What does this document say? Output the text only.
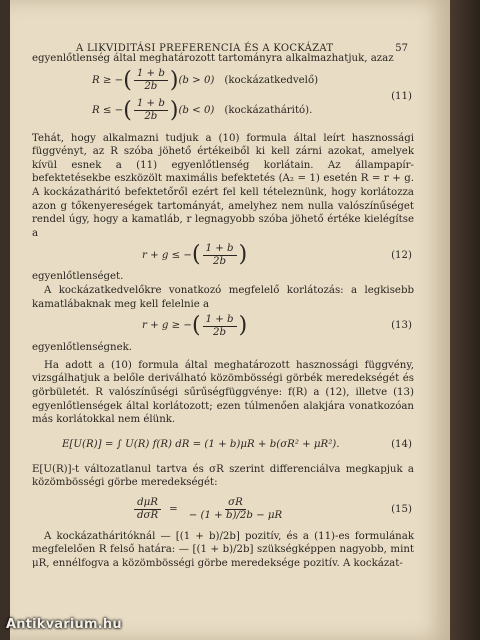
A LIKVIDITÁSI PREFERENCIA ÉS A KOCKÁZAT	57

egyenlőtlenség által meghatározott tartományra alkalmazhatjuk, azaz

R ≥ − ( $\frac{1 + b}{2b}$ ) (b > 0) (kockázatkedvelő)
R ≤ − ( $\frac{1 + b}{2b}$ ) (b < 0) (kockázatháritó).
(11)

Tehát, hogy alkalmazni tudjuk a (10) formula által leírt hasznossági függvényt, az R szóba jöhető értékeiből ki kell zárni azokat, amelyek kívül esnek a (11) egyenlőtlenség korlátain. Az állampapír-befektetésekbe eszközölt maximális befektetés (A₂ = 1) esetén R = r + g. A kockázatháritó befektetőről ezért fel kell tételeznünk, hogy korlátozza azon g tőkenyereségek tartományát, amelyhez nem nulla valószínűséget rendel úgy, hogy a kamatláb, r legnagyobb szóba jöhető értéke kielégítse a

r + g ≤ − ( $\frac{1 + b}{2b}$ )	(12)

egyenlőtlenséget.

A kockázatkedvelőkre vonatkozó megfelelő korlátozás: a legkisebb kamatlábaknak meg kell felelnie a

r + g ≥ − ( $\frac{1 + b}{2b}$ )	(13)

egyenlőtlenségnek.

Ha adott a (10) formula által meghatározott hasznossági függvény, vizsgálhatjuk a belőle deriválható közömbösségi görbék meredekségét és görbületét. R valószínűségi sűrűségfüggvénye: f(R) a (12), illetve (13) egyenlőtlenségek által korlátozott; ezen túlmenően alakjára vonatkozóan más korlátokkal nem élünk.

E[U(R)] = ∫ U(R) f(R) dR = (1 + b)μR + b(σR² + μR²).	(14)

E[U(R)]-t változatlanul tartva és σR szerint differenciálva megkapjuk a közömbösségi görbe meredekségét:

$\frac{\text{dμR}}{\text{dσR}} = \frac{\sigma R}{- (1 + b)/2b - \mu R}$	(15)

A kockázatháritóknál — [(1 + b)/2b] pozitív, és a (11)-es formulának megfelelően R felső határa: — [(1 + b)/2b] szükségképpen nagyobb, mint μR, ennélfogva a közömbösségi görbe meredeksége pozitív. A kockázat-

Antikvarium.hu
